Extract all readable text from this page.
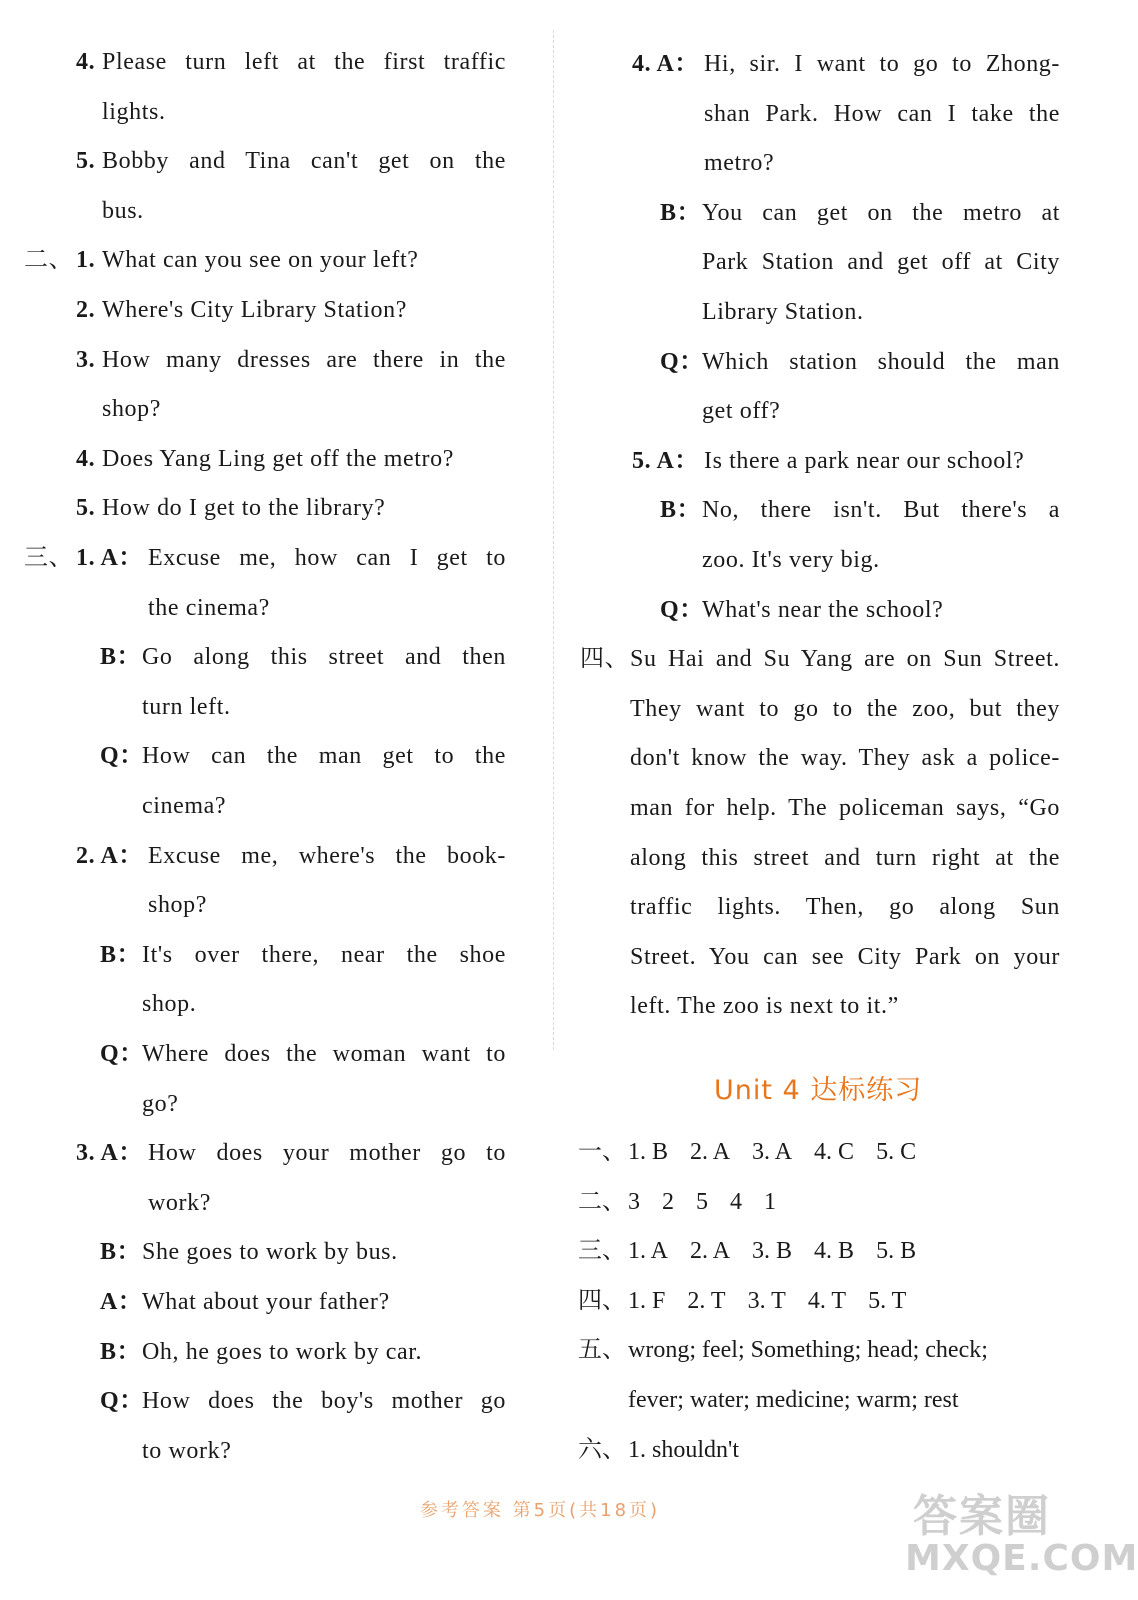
4. Please turn left at the first traffic
lights.
5. Bobby and Tina can't get on the
bus.
二、 1. What can you see on your left?
2. Where's City Library Station?
3. How many dresses are there in the
shop?
4. Does Yang Ling get off the metro?
5. How do I get to the library?
三、 1. A： Excuse me, how can I get to
the cinema?
B： Go along this street and then
turn left.
Q：
How can the man get to the
cinema?
2. A： Excuse me, where's the book-
shop?
B： It's over there, near the shoe
shop.
Q：
Where does the woman want to
go?
3. A： How does your mother go to
work?
B： She goes to work by bus.
A： What about your father?
B： Oh, he goes to work by car.
Q：
How does the boy's mother go
to work?
4. A： Hi, sir. I want to go to Zhong-
shan Park. How can I take the
metro?
B： You can get on the metro at
Park Station and get off at City
Library Station.
Q：
Which station should the man
get off?
5. A： Is there a park near our school?
B： No, there isn't. But there's a
zoo. It's very big.
Q：
What's near the school?
四、 Su Hai and Su Yang are on Sun Street.
They want to go to the zoo, but they
don't know the way. They ask a police-
man for help. The policeman says, “Go
along this street and turn right at the
traffic lights. Then, go along Sun
Street. You can see City Park on your
left. The zoo is next to it.”
Unit 4 达标练习
一、 1. B 2. A 3. A 4. C 5. C
二、 3 2 5 4 1
三、 1. A 2. A 3. B 4. B 5. B
四、 1. F 2. T 3. T 4. T 5. T
五、 wrong; feel; Something; head; check;
fever; water; medicine; warm; rest
六、 1. shouldn't
参考答案 第5页(共18页)	答案圈
MXQE.COM
